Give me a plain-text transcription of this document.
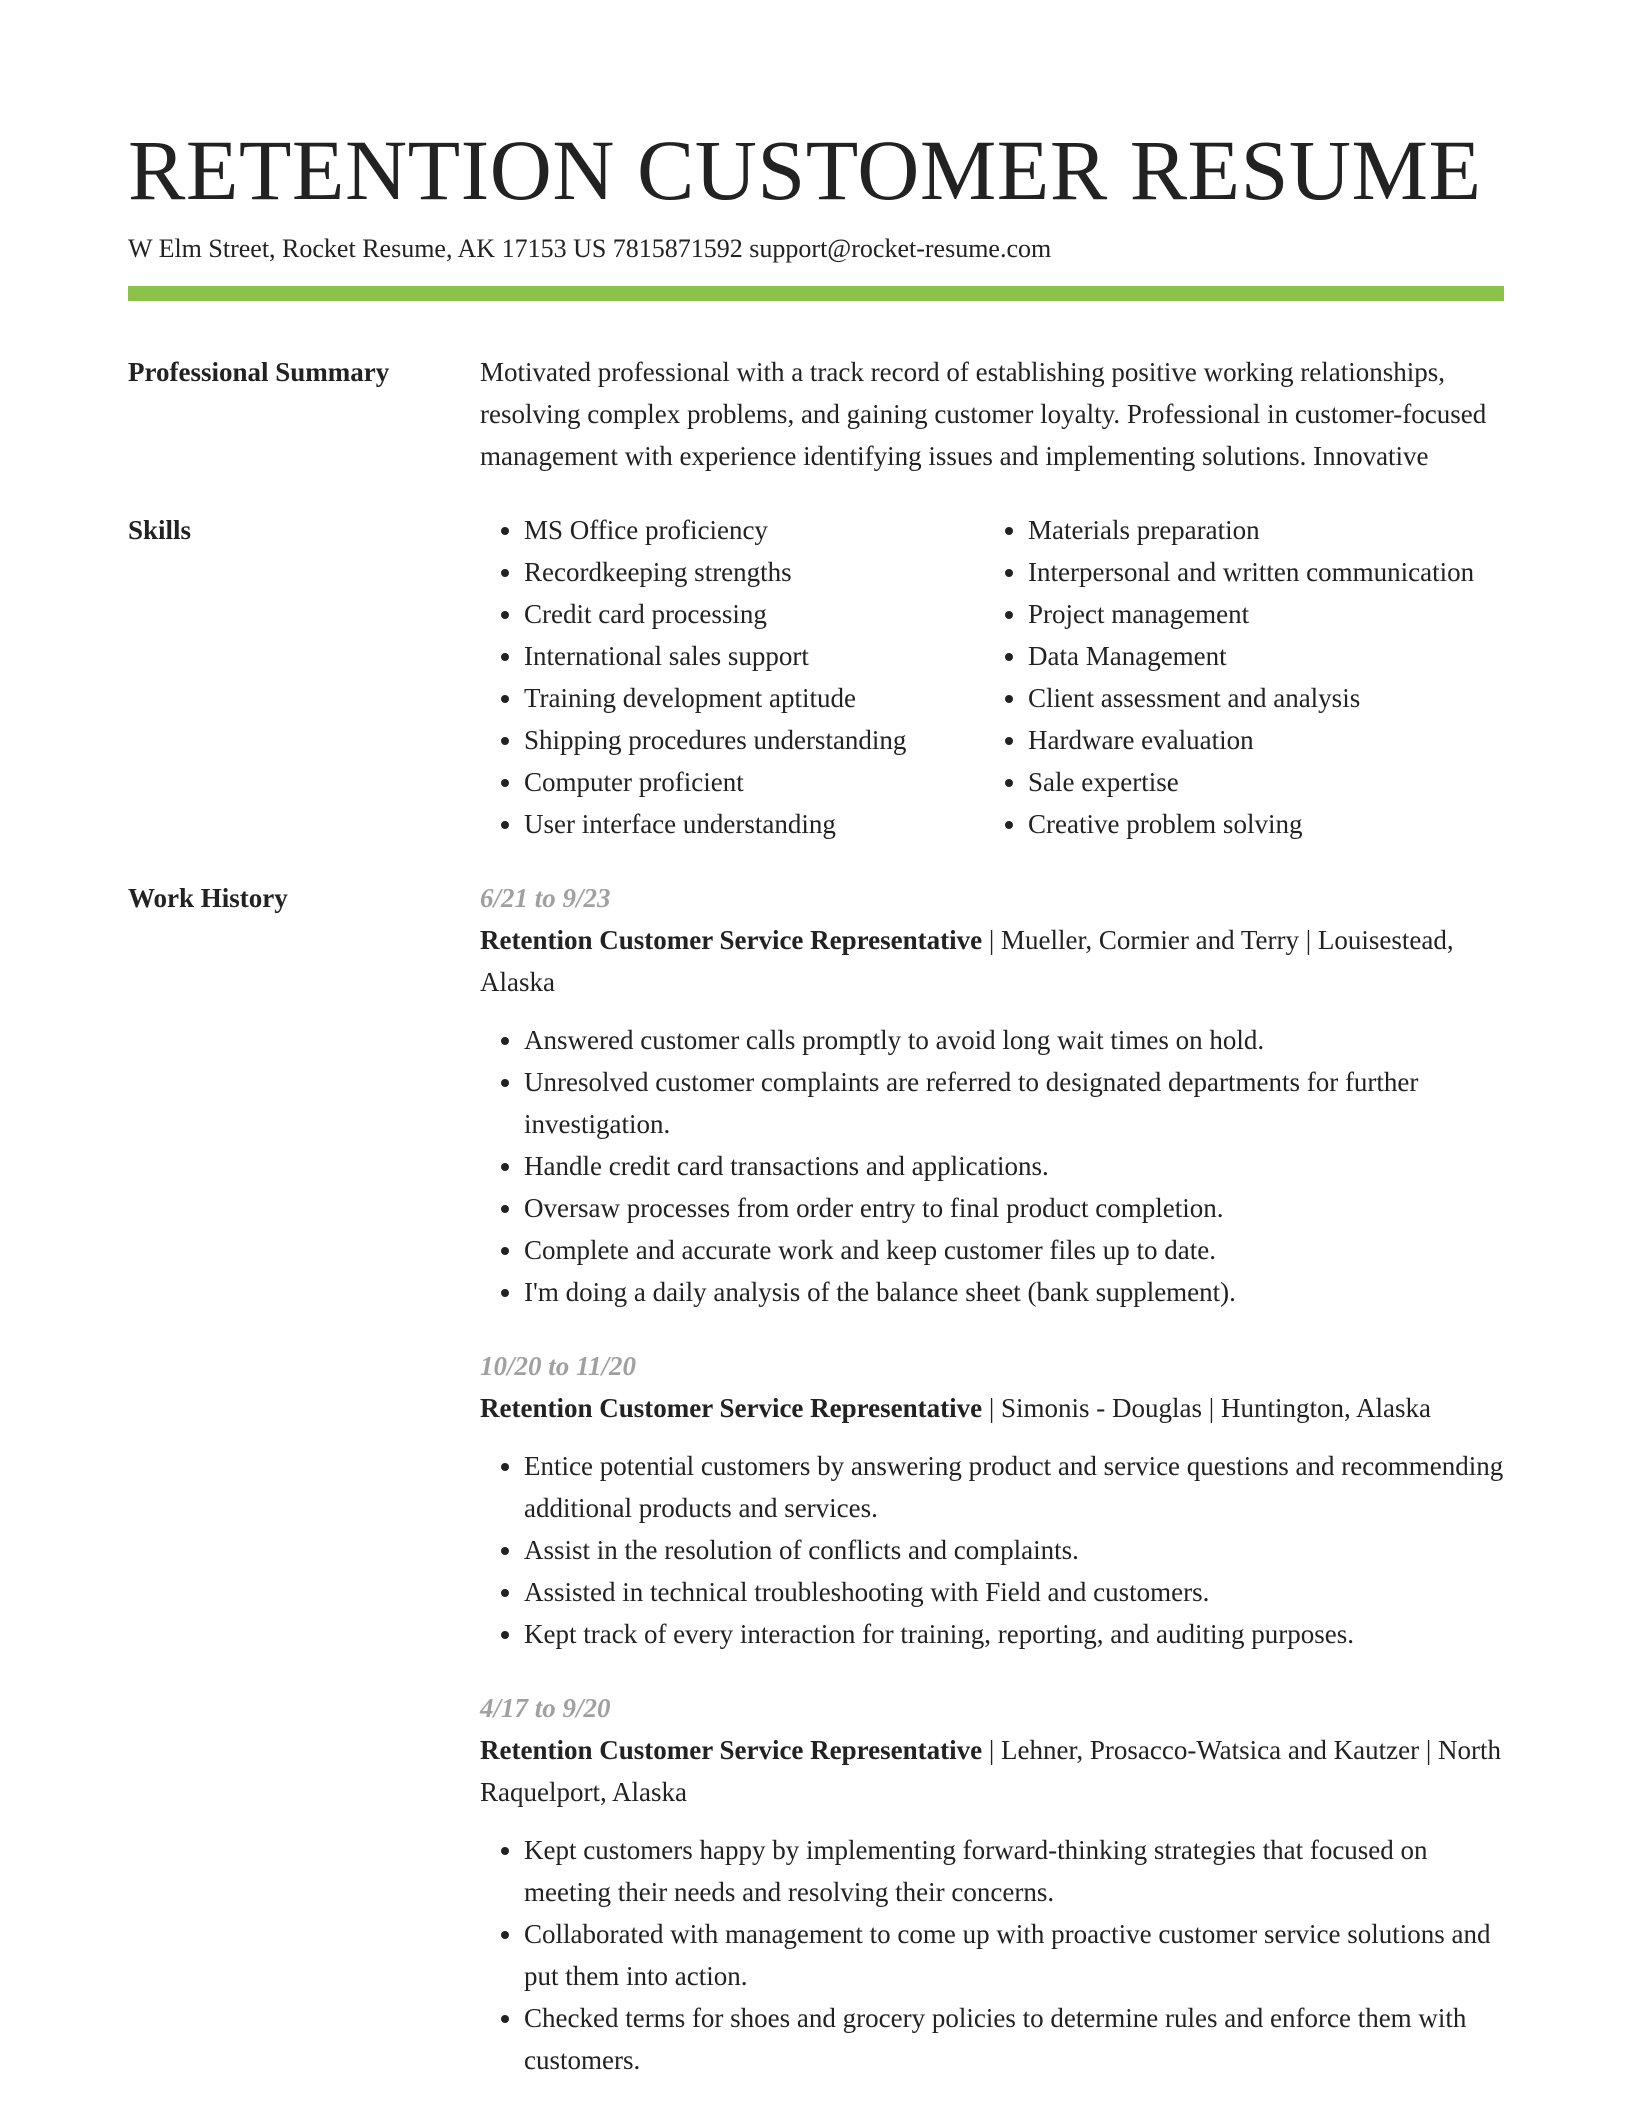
RETENTION CUSTOMER RESUME
W Elm Street, Rocket Resume, AK 17153 US 7815871592 support@rocket-resume.com
Professional Summary	Motivated professional with a track record of establishing positive working relationships, resolving complex problems, and gaining customer loyalty. Professional in customer-focused management with experience identifying issues and implementing solutions. Innovative
Skills
•	MS Office proficiency
• Recordkeeping strengths
• Credit card processing
• International sales support
• Training development aptitude
• Shipping procedures understanding
• Computer proficient
• User interface understanding
• Materials preparation
• Interpersonal and written communication
• Project management
• Data Management
• Client assessment and analysis
• Hardware evaluation
• Sale expertise
• Creative problem solving
Work History	6/21 to 9/23
Retention Customer Service Representative | Mueller, Cormier and Terry | Louisestead, Alaska
• Answered customer calls promptly to avoid long wait times on hold.
• Unresolved customer complaints are referred to designated departments for further investigation.
• Handle credit card transactions and applications.
• Oversaw processes from order entry to final product completion.
• Complete and accurate work and keep customer files up to date.
• I'm doing a daily analysis of the balance sheet (bank supplement).
10/20 to 11/20
Retention Customer Service Representative | Simonis - Douglas | Huntington, Alaska
• Entice potential customers by answering product and service questions and recommending additional products and services.
• Assist in the resolution of conflicts and complaints.
• Assisted in technical troubleshooting with Field and customers.
• Kept track of every interaction for training, reporting, and auditing purposes.
4/17 to 9/20
Retention Customer Service Representative | Lehner, Prosacco-Watsica and Kautzer | North Raquelport, Alaska
• Kept customers happy by implementing forward-thinking strategies that focused on meeting their needs and resolving their concerns.
• Collaborated with management to come up with proactive customer service solutions and put them into action.
• Checked terms for shoes and grocery policies to determine rules and enforce them with customers.
